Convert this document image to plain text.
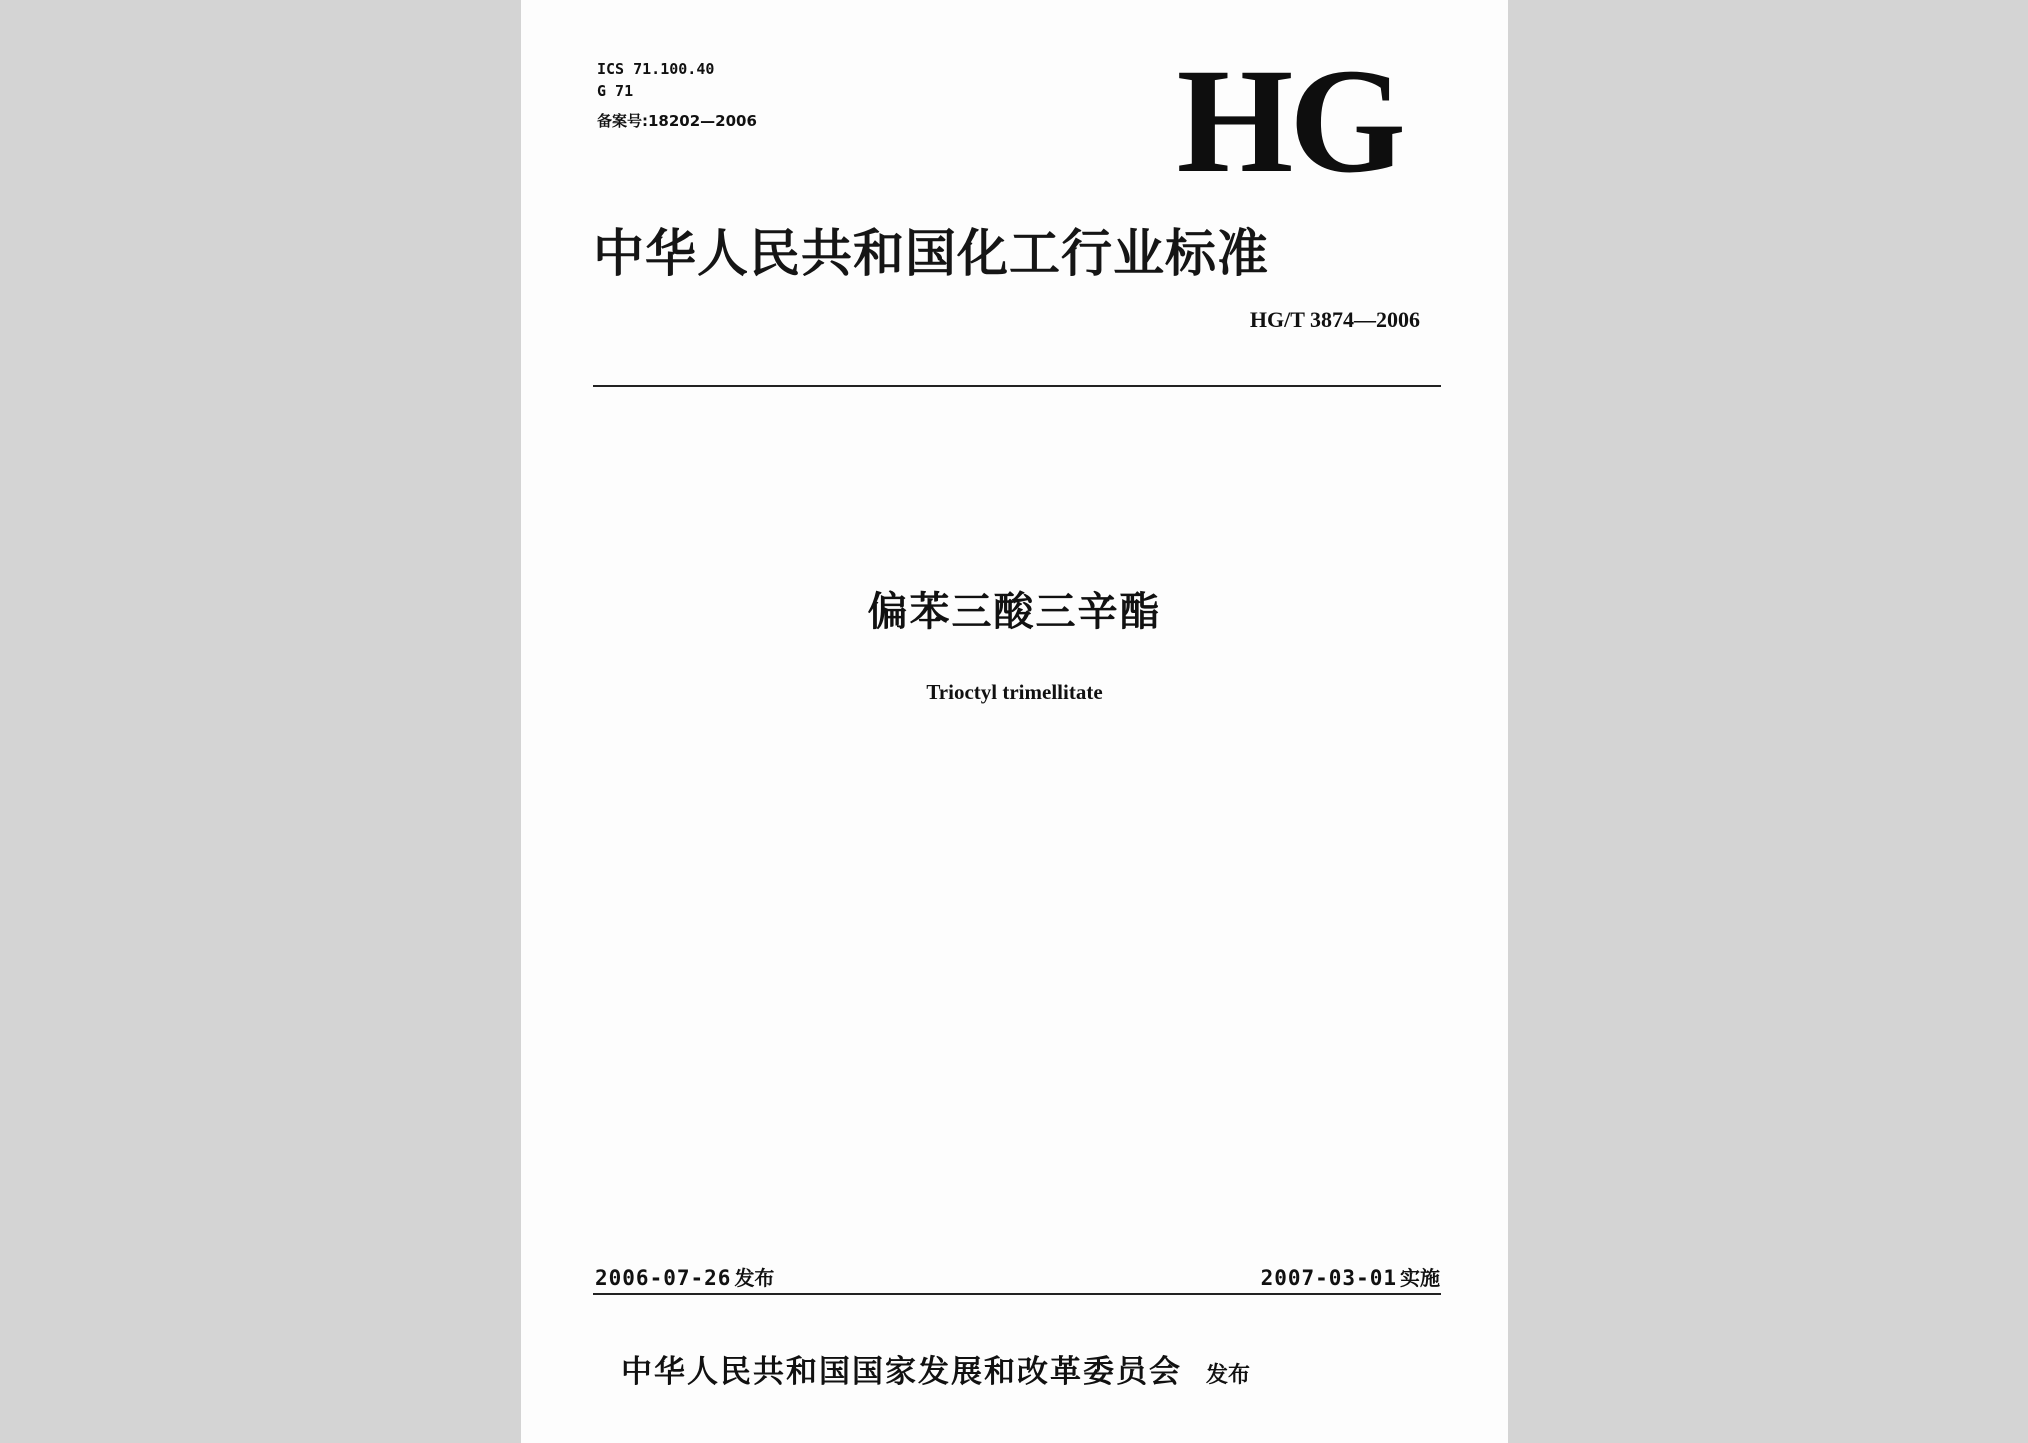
ICS 71.100.40

G 71

备案号:18202—2006	HG

中华人民共和国化工行业标准

HG/T 3874—2006

偏苯三酸三辛酯

Trioctyl trimellitate

2006-07-26 发布	2007-03-01 实施
中华人民共和国国家发展和改革委员会 发布
